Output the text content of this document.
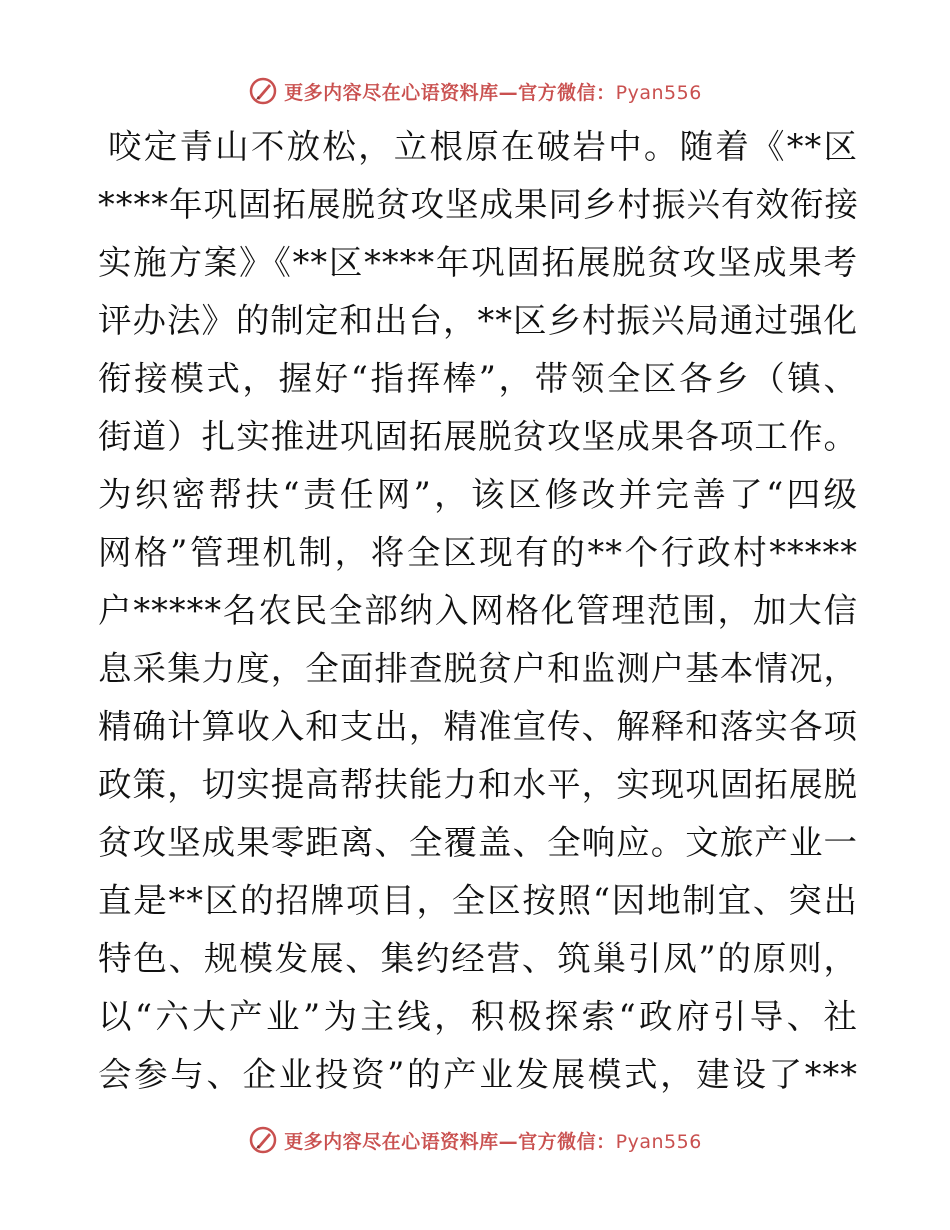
更多内容尽在心语资料库—官方微信：Pyan556
咬定青山不放松，立根原在破岩中。随着《**区
****年巩固拓展脱贫攻坚成果同乡村振兴有效衔接
实施方案》《**区****年巩固拓展脱贫攻坚成果考
评办法》的制定和出台，**区乡村振兴局通过强化
衔接模式，握好“指挥棒”，带领全区各乡（镇、
街道）扎实推进巩固拓展脱贫攻坚成果各项工作。
为织密帮扶“责任网”，该区修改并完善了“四级
网格”管理机制，将全区现有的**个行政村*****
户*****名农民全部纳入网格化管理范围，加大信
息采集力度，全面排查脱贫户和监测户基本情况，
精确计算收入和支出，精准宣传、解释和落实各项
政策，切实提高帮扶能力和水平，实现巩固拓展脱
贫攻坚成果零距离、全覆盖、全响应。文旅产业一
直是**区的招牌项目，全区按照“因地制宜、突出
特色、规模发展、集约经营、筑巢引凤”的原则，
以“六大产业”为主线，积极探索“政府引导、社
会参与、企业投资”的产业发展模式，建设了***
更多内容尽在心语资料库—官方微信：Pyan556
